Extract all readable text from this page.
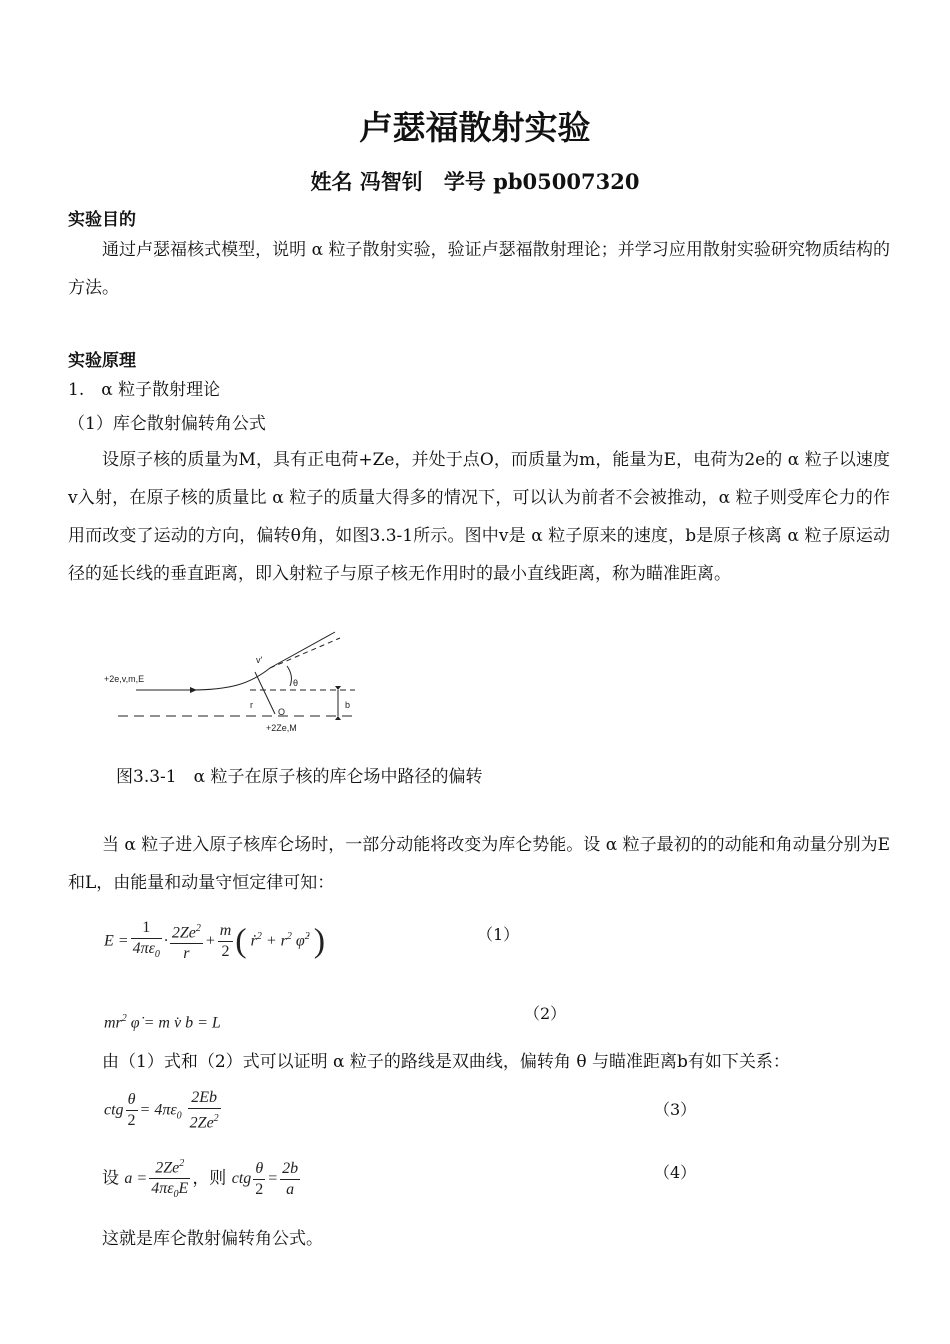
卢瑟福散射实验
姓名 冯智钊　学号 pb05007320
实验目的
通过卢瑟福核式模型，说明 α 粒子散射实验，验证卢瑟福散射理论；并学习应用散射实验研究物质结构的方法。
实验原理
1.　α 粒子散射理论
（1）库仑散射偏转角公式
设原子核的质量为M，具有正电荷+Ze，并处于点O，而质量为m，能量为E，电荷为2e的 α 粒子以速度v入射，在原子核的质量比 α 粒子的质量大得多的情况下，可以认为前者不会被推动，α 粒子则受库仑力的作用而改变了运动的方向，偏转θ角，如图3.3-1所示。图中v是 α 粒子原来的速度，b是原子核离 α 粒子原运动径的延长线的垂直距离，即入射粒子与原子核无作用时的最小直线距离，称为瞄准距离。
+2e,v,m,E
v'
θ
r
O
b
+2Ze,M
图3.3-1　α 粒子在原子核的库仑场中路径的偏转
当 α 粒子进入原子核库仑场时，一部分动能将改变为库仑势能。设 α 粒子最初的的动能和角动量分别为E和L，由能量和动量守恒定律可知：
$E = \frac{1}{4\pi\varepsilon_0} \cdot \frac{2Ze^2}{r} + \frac{m}{2}$ ( ṙ$^2$ + $r^2$ φ̇$^2$ )	（1）
$mr^2$ φ̇ = m v̇ b = L	（2）
由（1）式和（2）式可以证明 α 粒子的路线是双曲线，偏转角 θ 与瞄准距离b有如下关系：
ctg $\frac{\theta}{2} = 4\pi\varepsilon_0 \frac{2Eb}{2Ze^2}$	（3）
设 $a = \frac{2Ze^2}{4\pi\varepsilon_0E}$ ，则 ctg $\frac{\theta}{2} = \frac{2b}{a}$	（4）
这就是库仑散射偏转角公式。
